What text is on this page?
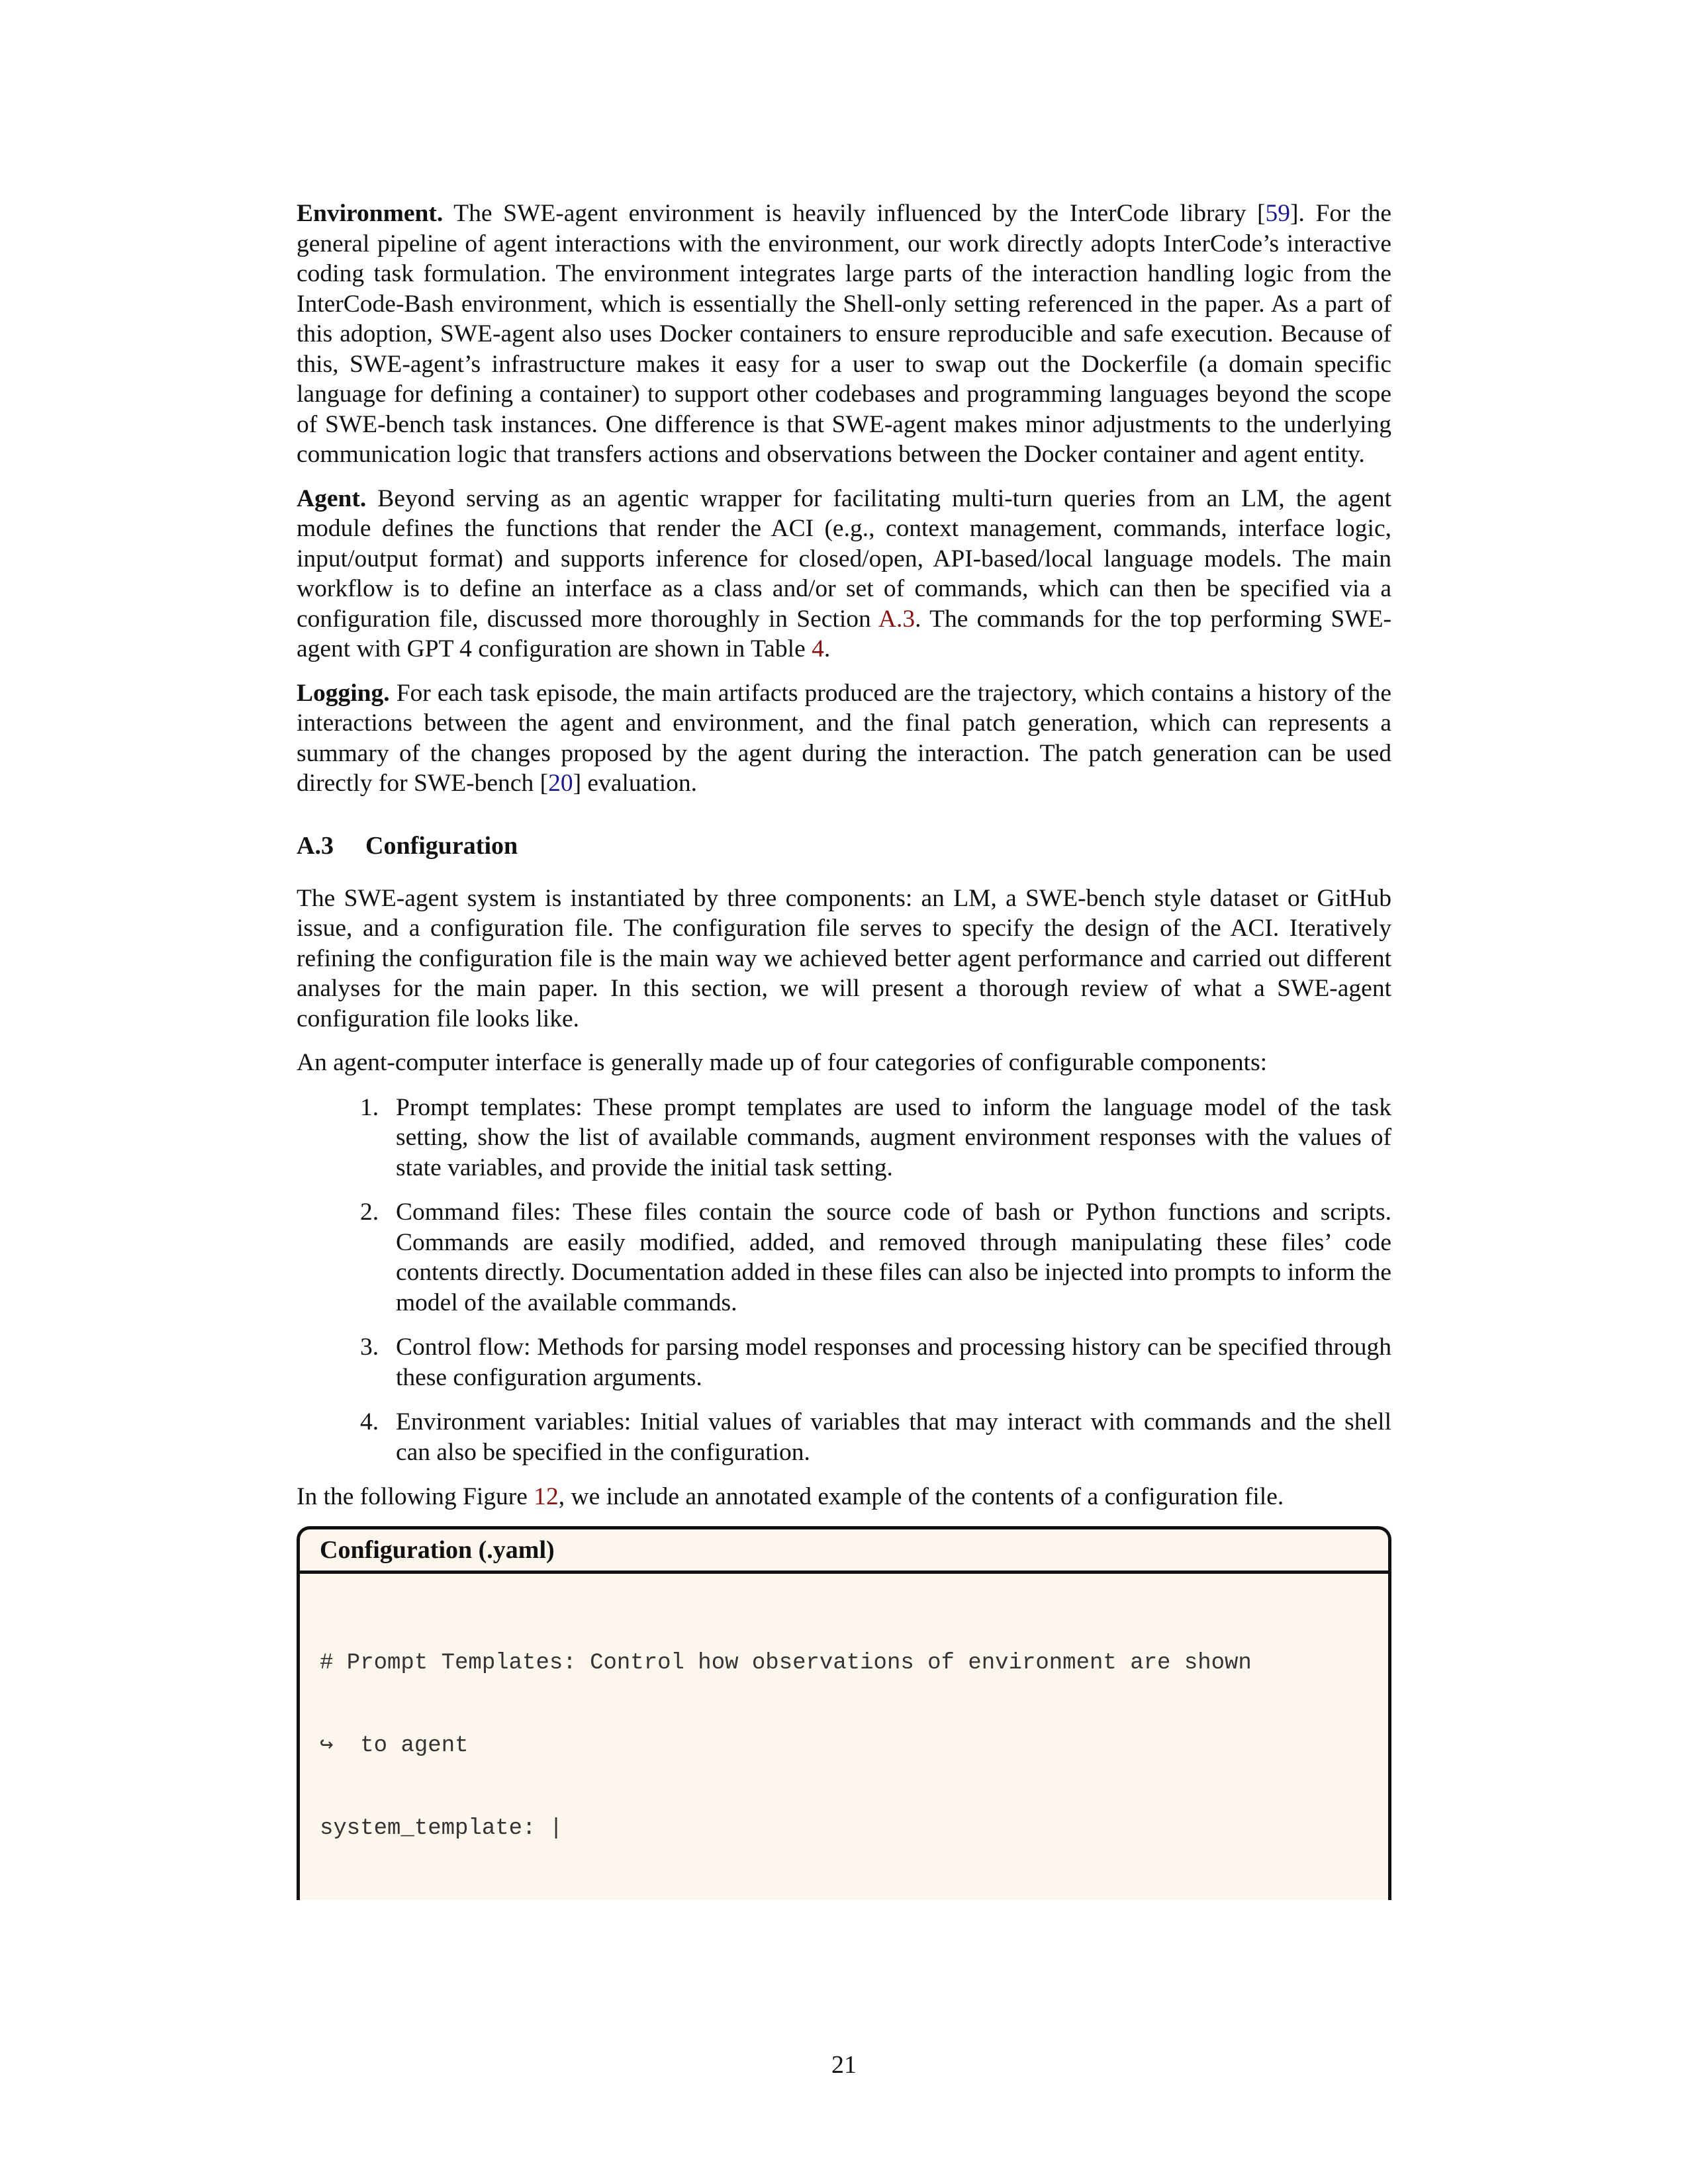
Environment. The SWE-agent environment is heavily influenced by the InterCode library [59]. For the general pipeline of agent interactions with the environment, our work directly adopts InterCode’s interactive coding task formulation. The environment integrates large parts of the interaction handling logic from the InterCode-Bash environment, which is essentially the Shell-only setting referenced in the paper. As a part of this adoption, SWE-agent also uses Docker containers to ensure reproducible and safe execution. Because of this, SWE-agent’s infrastructure makes it easy for a user to swap out the Dockerfile (a domain specific language for defining a container) to support other codebases and programming languages beyond the scope of SWE-bench task instances. One difference is that SWE-agent makes minor adjustments to the underlying communication logic that transfers actions and observations between the Docker container and agent entity.

Agent. Beyond serving as an agentic wrapper for facilitating multi-turn queries from an LM, the agent module defines the functions that render the ACI (e.g., context management, commands, interface logic, input/output format) and supports inference for closed/open, API-based/local language models. The main workflow is to define an interface as a class and/or set of commands, which can then be specified via a configuration file, discussed more thoroughly in Section A.3. The commands for the top performing SWE-agent with GPT 4 configuration are shown in Table 4.

Logging. For each task episode, the main artifacts produced are the trajectory, which contains a history of the interactions between the agent and environment, and the final patch generation, which can represents a summary of the changes proposed by the agent during the interaction. The patch generation can be used directly for SWE-bench [20] evaluation.

A.3 Configuration

The SWE-agent system is instantiated by three components: an LM, a SWE-bench style dataset or GitHub issue, and a configuration file. The configuration file serves to specify the design of the ACI. Iteratively refining the configuration file is the main way we achieved better agent performance and carried out different analyses for the main paper. In this section, we will present a thorough review of what a SWE-agent configuration file looks like.

An agent-computer interface is generally made up of four categories of configurable components:

1. Prompt templates: These prompt templates are used to inform the language model of the task setting, show the list of available commands, augment environment responses with the values of state variables, and provide the initial task setting.

2. Command files: These files contain the source code of bash or Python functions and scripts. Commands are easily modified, added, and removed through manipulating these files’ code contents directly. Documentation added in these files can also be injected into prompts to inform the model of the available commands.

3. Control flow: Methods for parsing model responses and processing history can be specified through these configuration arguments.

4. Environment variables: Initial values of variables that may interact with commands and the shell can also be specified in the configuration.

In the following Figure 12, we include an annotated example of the contents of a configuration file.

Configuration (.yaml)

# Prompt Templates: Control how observations of environment are shown

↪  to agent

system_template: |

21
